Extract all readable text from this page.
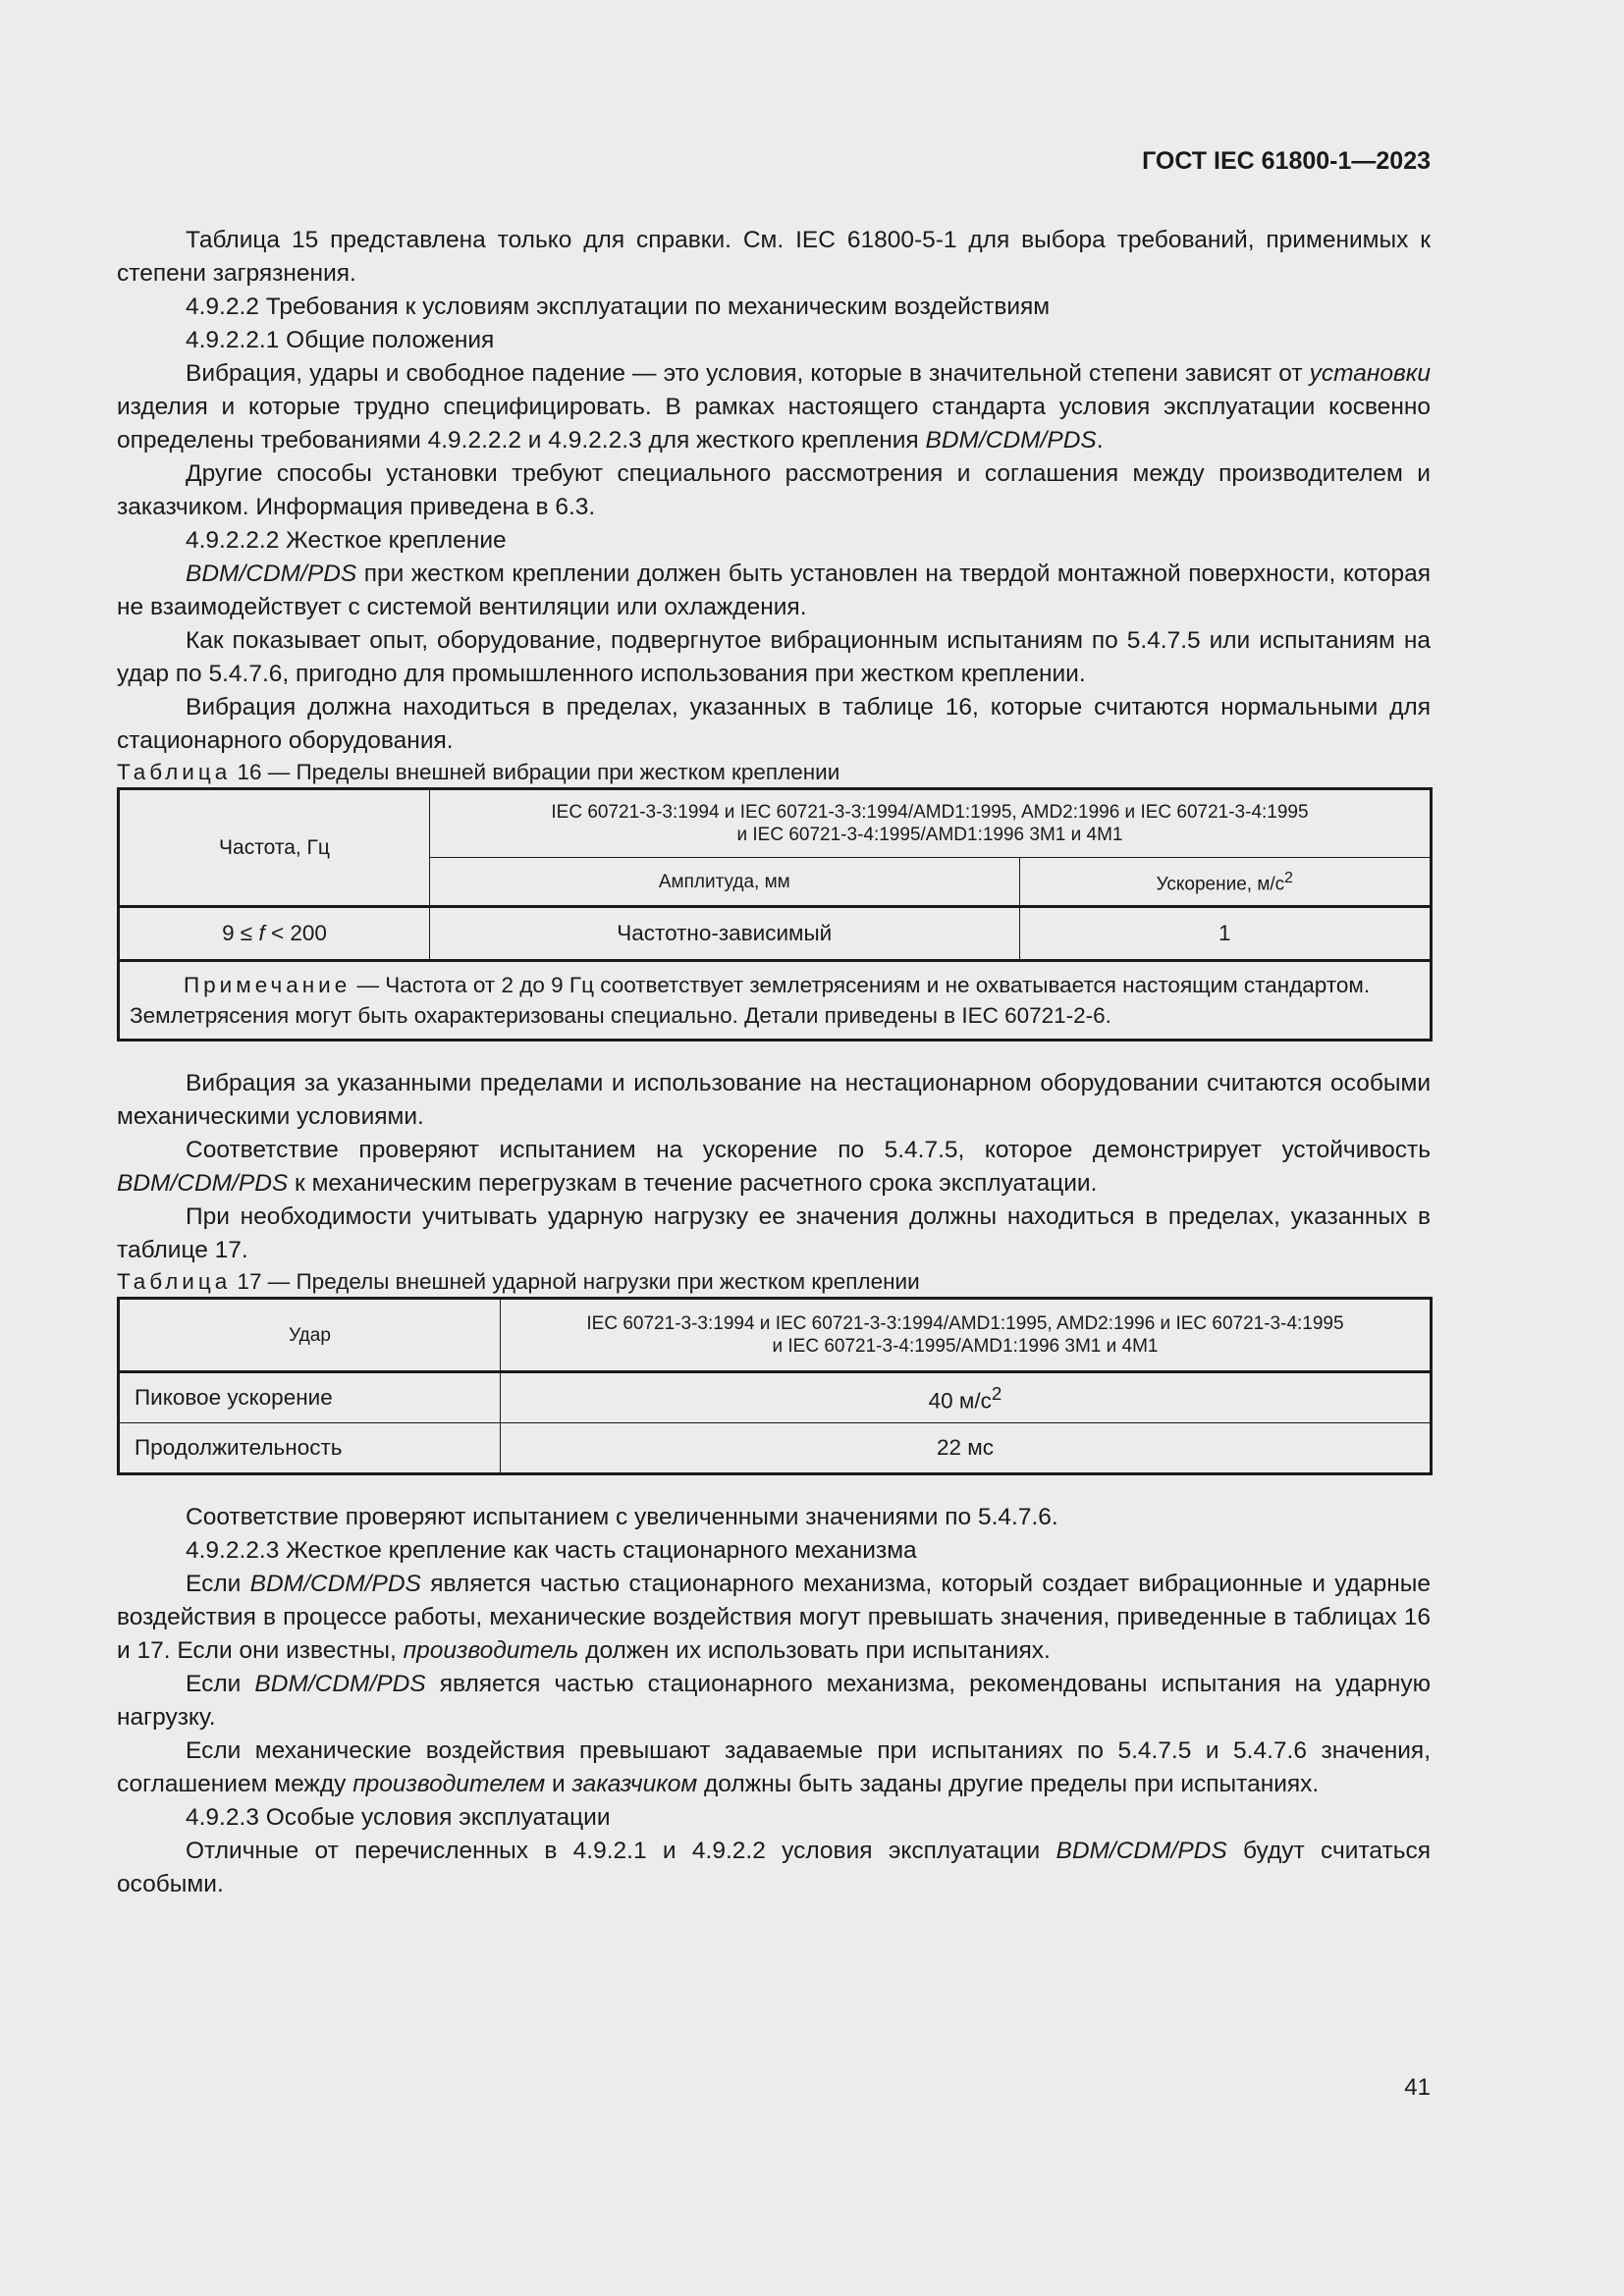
ГОСТ IEC 61800-1—2023

Таблица 15 представлена только для справки. См. IEC 61800-5-1 для выбора требований, применимых к степени загрязнения.

4.9.2.2 Требования к условиям эксплуатации по механическим воздействиям

4.9.2.2.1 Общие положения

Вибрация, удары и свободное падение — это условия, которые в значительной степени зависят от установки изделия и которые трудно специфицировать. В рамках настоящего стандарта условия эксплуатации косвенно определены требованиями 4.9.2.2.2 и 4.9.2.2.3 для жесткого крепления BDM/CDM/PDS.

Другие способы установки требуют специального рассмотрения и соглашения между производителем и заказчиком. Информация приведена в 6.3.

4.9.2.2.2 Жесткое крепление

BDM/CDM/PDS при жестком креплении должен быть установлен на твердой монтажной поверхности, которая не взаимодействует с системой вентиляции или охлаждения.

Как показывает опыт, оборудование, подвергнутое вибрационным испытаниям по 5.4.7.5 или испытаниям на удар по 5.4.7.6, пригодно для промышленного использования при жестком креплении.

Вибрация должна находиться в пределах, указанных в таблице 16, которые считаются нормальными для стационарного оборудования.

Таблица 16 — Пределы внешней вибрации при жестком креплении

Частота, Гц	IEC 60721-3-3:1994 и IEC 60721-3-3:1994/AMD1:1995, AMD2:1996 и IEC 60721-3-4:1995
и IEC 60721-3-4:1995/AMD1:1996 3M1 и 4M1	
	Амплитуда, мм	Ускорение, $м/с^2$
9 ≤ f < 200	Частотно-зависимый	1
Примечание — Частота от 2 до 9 Гц соответствует землетрясениям и не охватывается настоящим стандартом. Землетрясения могут быть охарактеризованы специально. Детали приведены в IEC 60721-2-6.		

Вибрация за указанными пределами и использование на нестационарном оборудовании считаются особыми механическими условиями.

Соответствие проверяют испытанием на ускорение по 5.4.7.5, которое демонстрирует устойчивость BDM/CDM/PDS к механическим перегрузкам в течение расчетного срока эксплуатации.

При необходимости учитывать ударную нагрузку ее значения должны находиться в пределах, указанных в таблице 17.

Таблица 17 — Пределы внешней ударной нагрузки при жестком креплении

Удар	IEC 60721-3-3:1994 и IEC 60721-3-3:1994/AMD1:1995, AMD2:1996 и IEC 60721-3-4:1995
и IEC 60721-3-4:1995/AMD1:1996 3M1 и 4M1
Пиковое ускорение	40 $м/с^2$
Продолжительность	22 мс

Соответствие проверяют испытанием с увеличенными значениями по 5.4.7.6.

4.9.2.2.3 Жесткое крепление как часть стационарного механизма

Если BDM/CDM/PDS является частью стационарного механизма, который создает вибрационные и ударные воздействия в процессе работы, механические воздействия могут превышать значения, приведенные в таблицах 16 и 17. Если они известны, производитель должен их использовать при испытаниях.

Если BDM/CDM/PDS является частью стационарного механизма, рекомендованы испытания на ударную нагрузку.

Если механические воздействия превышают задаваемые при испытаниях по 5.4.7.5 и 5.4.7.6 значения, соглашением между производителем и заказчиком должны быть заданы другие пределы при испытаниях.

4.9.2.3 Особые условия эксплуатации

Отличные от перечисленных в 4.9.2.1 и 4.9.2.2 условия эксплуатации BDM/CDM/PDS будут считаться особыми.

41
